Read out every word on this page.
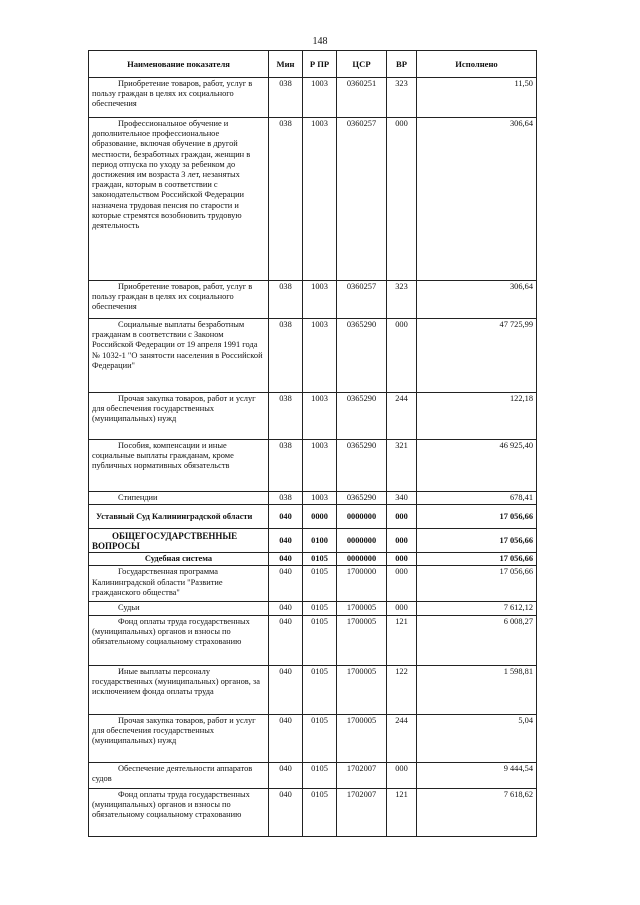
148
Наименование показателя	Мин	Р ПР	ЦСР	ВР	Исполнено

Приобретение товаров, работ, услуг в пользу граждан в целях их социального обеспечения	038	1003	0360251	323	11,50

Профессиональное обучение и дополнительное профессиональное образование, включая обучение в другой местности, безработных граждан, женщин в период отпуска по уходу за ребенком до достижения им возраста 3 лет, незанятых граждан, которым в соответствии с законодательством Российской Федерации назначена трудовая пенсия по старости и которые стремятся возобновить трудовую деятельность	038	1003	0360257	000	306,64

Приобретение товаров, работ, услуг в пользу граждан в целях их социального обеспечения	038	1003	0360257	323	306,64

Социальные выплаты безработным гражданам в соответствии с Законом Российской Федерации от 19 апреля 1991 года № 1032-1 "О занятости населения в Российской Федерации"	038	1003	0365290	000	47 725,99

Прочая закупка товаров, работ и услуг для обеспечения государственных (муниципальных) нужд	038	1003	0365290	244	122,18

Пособия, компенсации и иные социальные выплаты гражданам, кроме публичных нормативных обязательств	038	1003	0365290	321	46 925,40

Стипендии	038	1003	0365290	340	678,41

Уставный Суд Калининградской области	040	0000	0000000	000	17 056,66

ОБЩЕГОСУДАРСТВЕННЫЕ ВОПРОСЫ	040	0100	0000000	000	17 056,66

Судебная система	040	0105	0000000	000	17 056,66

Государственная программа Калининградской области "Развитие гражданского общества"	040	0105	1700000	000	17 056,66

Судьи	040	0105	1700005	000	7 612,12

Фонд оплаты труда государственных (муниципальных) органов и взносы по обязательному социальному страхованию	040	0105	1700005	121	6 008,27

Иные выплаты персоналу государственных (муниципальных) органов, за исключением фонда оплаты труда	040	0105	1700005	122	1 598,81

Прочая закупка товаров, работ и услуг для обеспечения государственных (муниципальных) нужд	040	0105	1700005	244	5,04

Обеспечение деятельности аппаратов судов	040	0105	1702007	000	9 444,54

Фонд оплаты труда государственных (муниципальных) органов и взносы по обязательному социальному страхованию	040	0105	1702007	121	7 618,62
